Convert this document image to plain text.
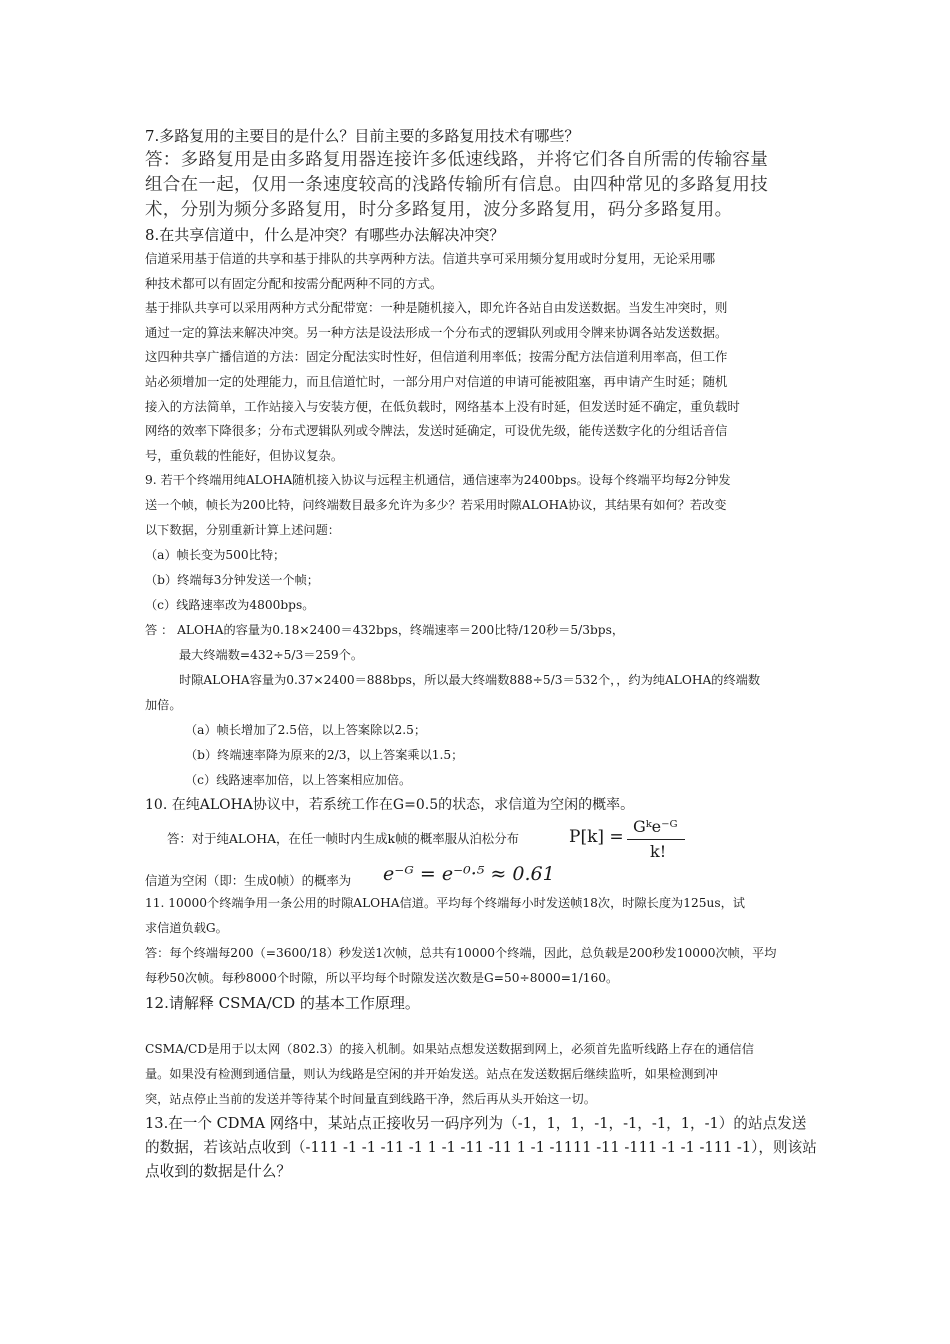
7.多路复用的主要目的是什么？目前主要的多路复用技术有哪些？
答：多路复用是由多路复用器连接许多低速线路，并将它们各自所需的传输容量
组合在一起，仅用一条速度较高的浅路传输所有信息。由四种常见的多路复用技
术，分别为频分多路复用，时分多路复用，波分多路复用，码分多路复用。
8.在共享信道中，什么是冲突？有哪些办法解决冲突？
信道采用基于信道的共享和基于排队的共享两种方法。信道共享可采用频分复用或时分复用，无论采用哪
种技术都可以有固定分配和按需分配两种不同的方式。
基于排队共享可以采用两种方式分配带宽：一种是随机接入，即允许各站自由发送数据。当发生冲突时，则
通过一定的算法来解决冲突。另一种方法是设法形成一个分布式的逻辑队列或用令牌来协调各站发送数据。
这四种共享广播信道的方法：固定分配法实时性好，但信道利用率低；按需分配方法信道利用率高，但工作
站必须增加一定的处理能力，而且信道忙时，一部分用户对信道的申请可能被阻塞，再申请产生时延；随机
接入的方法简单，工作站接入与安装方便，在低负载时，网络基本上没有时延，但发送时延不确定，重负载时
网络的效率下降很多；分布式逻辑队列或令牌法，发送时延确定，可设优先级，能传送数字化的分组话音信
号，重负载的性能好，但协议复杂。
9. 若干个终端用纯ALOHA随机接入协议与远程主机通信，通信速率为2400bps。设每个终端平均每2分钟发
送一个帧，帧长为200比特，问终端数目最多允许为多少？若采用时隙ALOHA协议，其结果有如何？若改变
以下数据，分别重新计算上述问题：
（a）帧长变为500比特；
（b）终端每3分钟发送一个帧；
（c）线路速率改为4800bps。
答 ： ALOHA的容量为0.18×2400＝432bps，终端速率＝200比特/120秒＝5/3bps，
最大终端数=432÷5/3＝259个。
时隙ALOHA容量为0.37×2400＝888bps，所以最大终端数888÷5/3＝532个，，约为纯ALOHA的终端数
加倍。
（a）帧长增加了2.5倍，以上答案除以2.5；
（b）终端速率降为原来的2/3，以上答案乘以1.5；
（c）线路速率加倍，以上答案相应加倍。
10. 在纯ALOHA协议中，若系统工作在G=0.5的状态，求信道为空闲的概率。
答：对于纯ALOHA，在任一帧时内生成k帧的概率服从泊松分布	P[k] =
Gᵏe⁻ᴳ
k!
信道为空闲（即：生成0帧）的概率为 e⁻ᴳ = e⁻⁰·⁵ ≈ 0.61
11. 10000个终端争用一条公用的时隙ALOHA信道。平均每个终端每小时发送帧18次，时隙长度为125us，试
求信道负载G。
答：每个终端每200（=3600/18）秒发送1次帧，总共有10000个终端，因此，总负载是200秒发10000次帧，平均
每秒50次帧。每秒8000个时隙，所以平均每个时隙发送次数是G=50÷8000=1/160。
12.请解释 CSMA/CD 的基本工作原理。
CSMA/CD是用于以太网（802.3）的接入机制。如果站点想发送数据到网上，必须首先监听线路上存在的通信信
量。如果没有检测到通信量，则认为线路是空闲的并开始发送。站点在发送数据后继续监听，如果检测到冲
突，站点停止当前的发送并等待某个时间量直到线路干净，然后再从头开始这一切。
13.在一个 CDMA 网络中，某站点正接收另一码序列为（-1，1，1，-1，-1，-1，1，-1）的站点发送
的数据，若该站点收到（-111 -1 -1 -11 -1 1 -1 -11 -11 1 -1 -1111 -11 -111 -1 -1 -111 -1），则该站
点收到的数据是什么？
